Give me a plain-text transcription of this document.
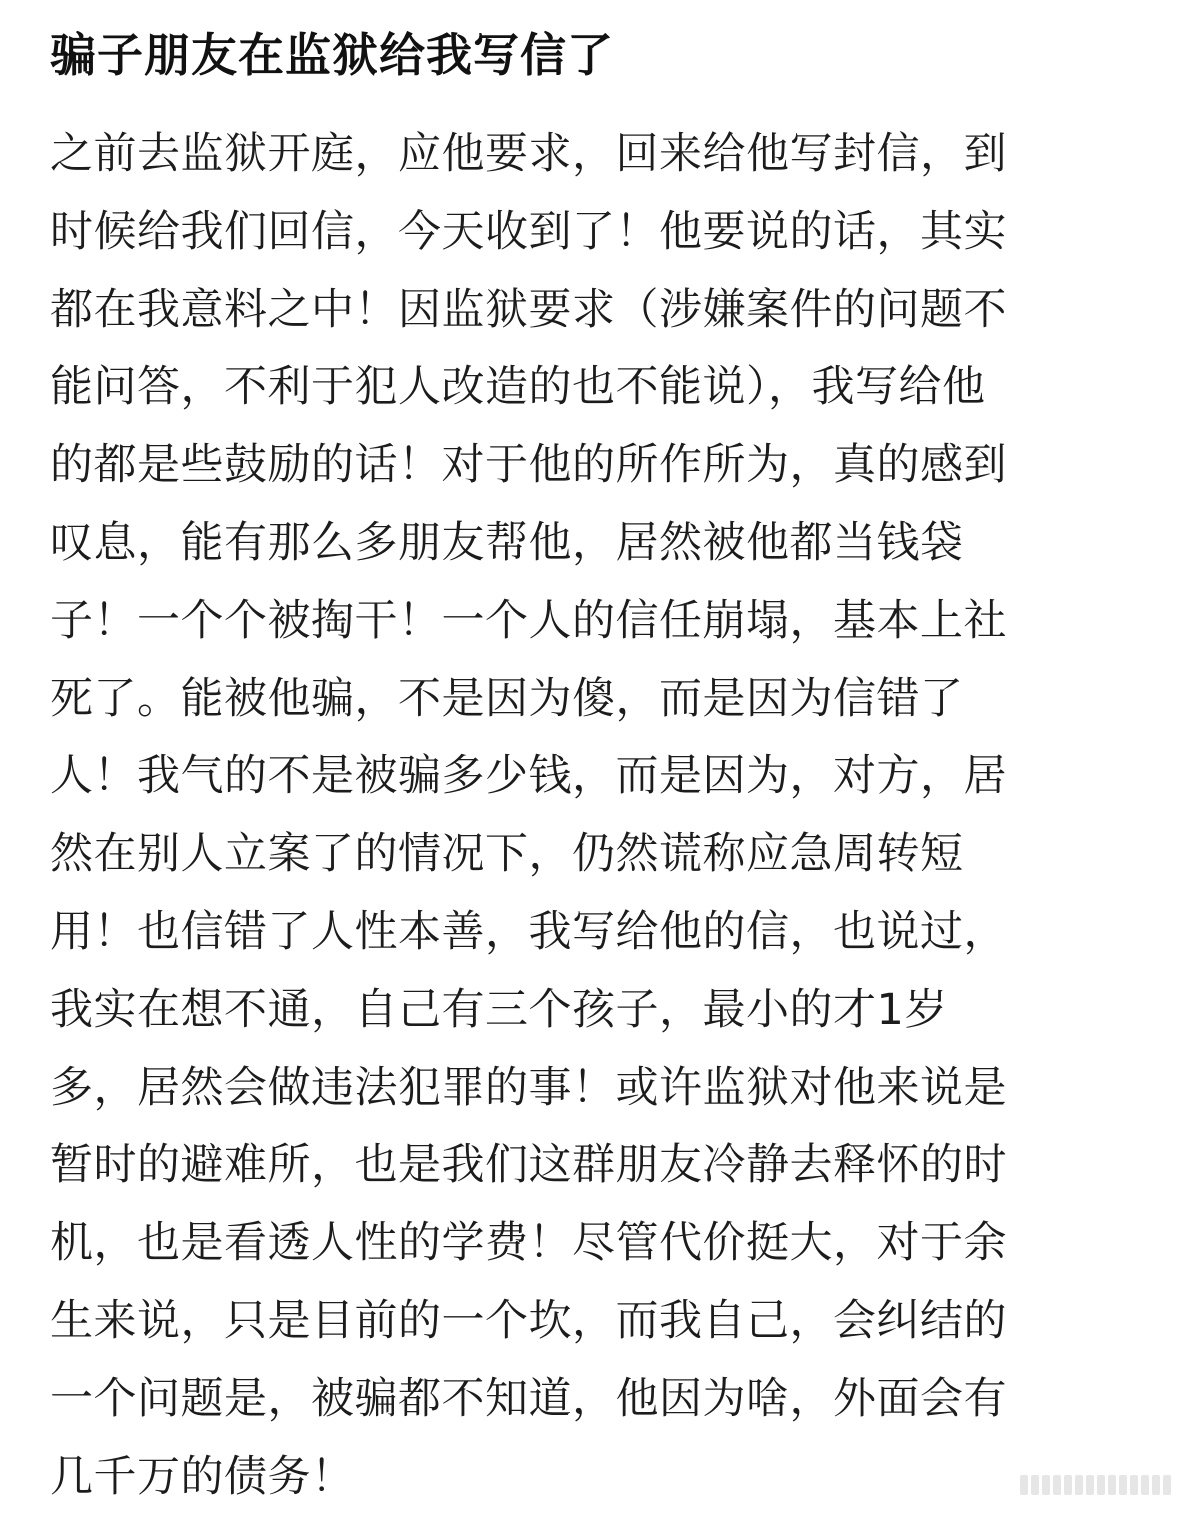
骗子朋友在监狱给我写信了
之前去监狱开庭，应他要求，回来给他写封信，到
时候给我们回信，今天收到了！他要说的话，其实
都在我意料之中！因监狱要求（涉嫌案件的问题不
能问答，不利于犯人改造的也不能说），我写给他
的都是些鼓励的话！对于他的所作所为，真的感到
叹息，能有那么多朋友帮他，居然被他都当钱袋
子！一个个被掏干！一个人的信任崩塌，基本上社
死了。能被他骗，不是因为傻，而是因为信错了
人！我气的不是被骗多少钱，而是因为，对方，居
然在别人立案了的情况下，仍然谎称应急周转短
用！也信错了人性本善，我写给他的信，也说过，
我实在想不通，自己有三个孩子，最小的才1岁
多，居然会做违法犯罪的事！或许监狱对他来说是
暂时的避难所，也是我们这群朋友冷静去释怀的时
机，也是看透人性的学费！尽管代价挺大，对于余
生来说，只是目前的一个坎，而我自己，会纠结的
一个问题是，被骗都不知道，他因为啥，外面会有
几千万的债务！
